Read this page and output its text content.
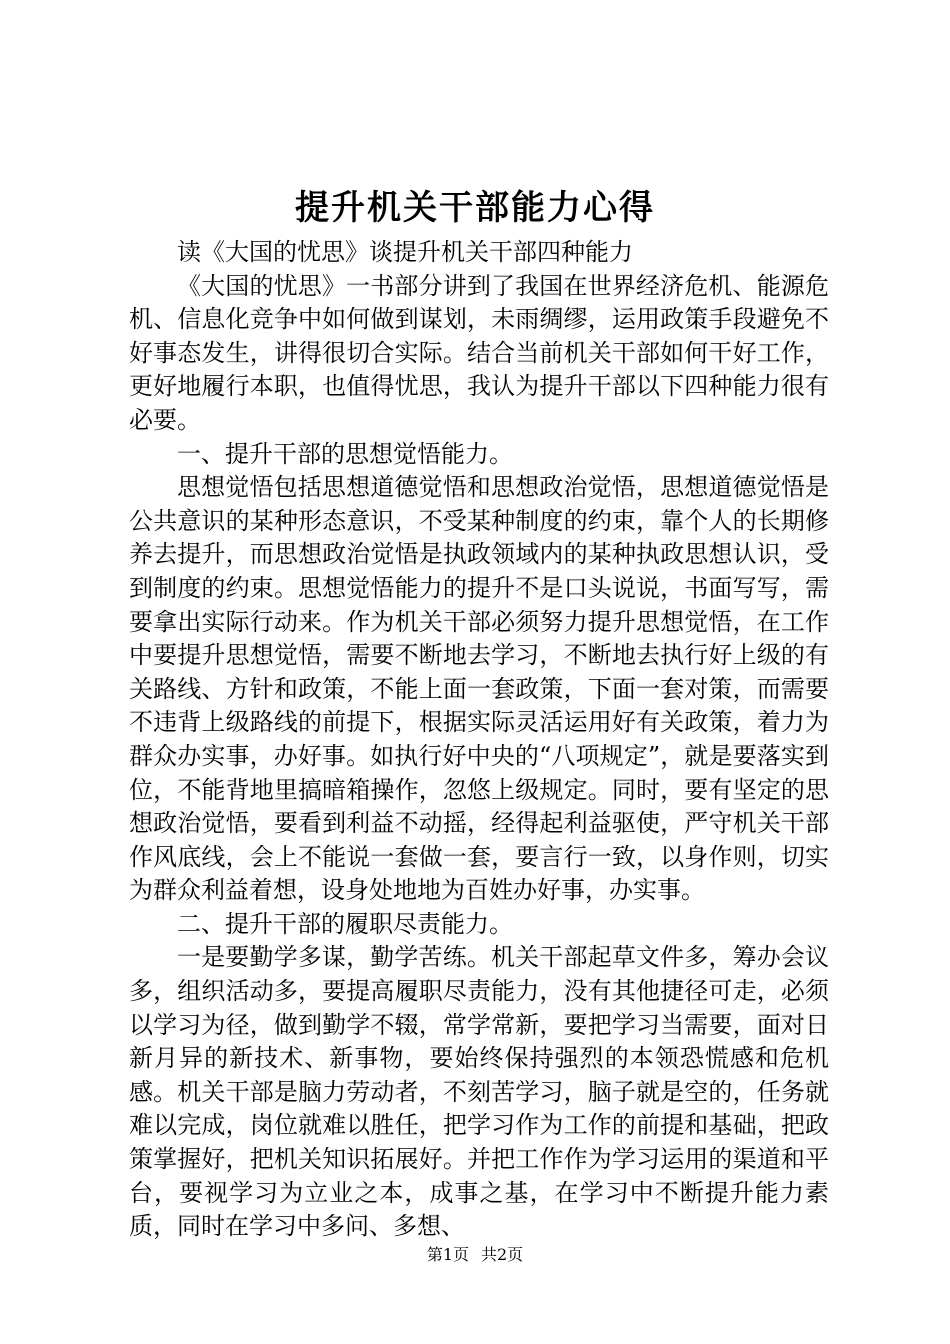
提升机关干部能力心得

读《大国的忧思》谈提升机关干部四种能力

《大国的忧思》一书部分讲到了我国在世界经济危机、能源危机、信息化竞争中如何做到谋划，未雨绸缪，运用政策手段避免不好事态发生，讲得很切合实际。结合当前机关干部如何干好工作，更好地履行本职，也值得忧思，我认为提升干部以下四种能力很有必要。

一、提升干部的思想觉悟能力。

思想觉悟包括思想道德觉悟和思想政治觉悟，思想道德觉悟是公共意识的某种形态意识，不受某种制度的约束，靠个人的长期修养去提升，而思想政治觉悟是执政领域内的某种执政思想认识，受到制度的约束。思想觉悟能力的提升不是口头说说，书面写写，需要拿出实际行动来。作为机关干部必须努力提升思想觉悟，在工作中要提升思想觉悟，需要不断地去学习，不断地去执行好上级的有关路线、方针和政策，不能上面一套政策，下面一套对策，而需要不违背上级路线的前提下，根据实际灵活运用好有关政策，着力为群众办实事，办好事。如执行好中央的“八项规定”，就是要落实到位，不能背地里搞暗箱操作，忽悠上级规定。同时，要有坚定的思想政治觉悟，要看到利益不动摇，经得起利益驱使，严守机关干部作风底线，会上不能说一套做一套，要言行一致，以身作则，切实为群众利益着想，设身处地地为百姓办好事，办实事。

二、提升干部的履职尽责能力。

一是要勤学多谋，勤学苦练。机关干部起草文件多，筹办会议多，组织活动多，要提高履职尽责能力，没有其他捷径可走，必须以学习为径，做到勤学不辍，常学常新，要把学习当需要，面对日新月异的新技术、新事物，要始终保持强烈的本领恐慌感和危机感。机关干部是脑力劳动者，不刻苦学习，脑子就是空的，任务就难以完成，岗位就难以胜任，把学习作为工作的前提和基础，把政策掌握好，把机关知识拓展好。并把工作作为学习运用的渠道和平台，要视学习为立业之本，成事之基，在学习中不断提升能力素质，同时在学习中多问、多想、

第1页 共2页
